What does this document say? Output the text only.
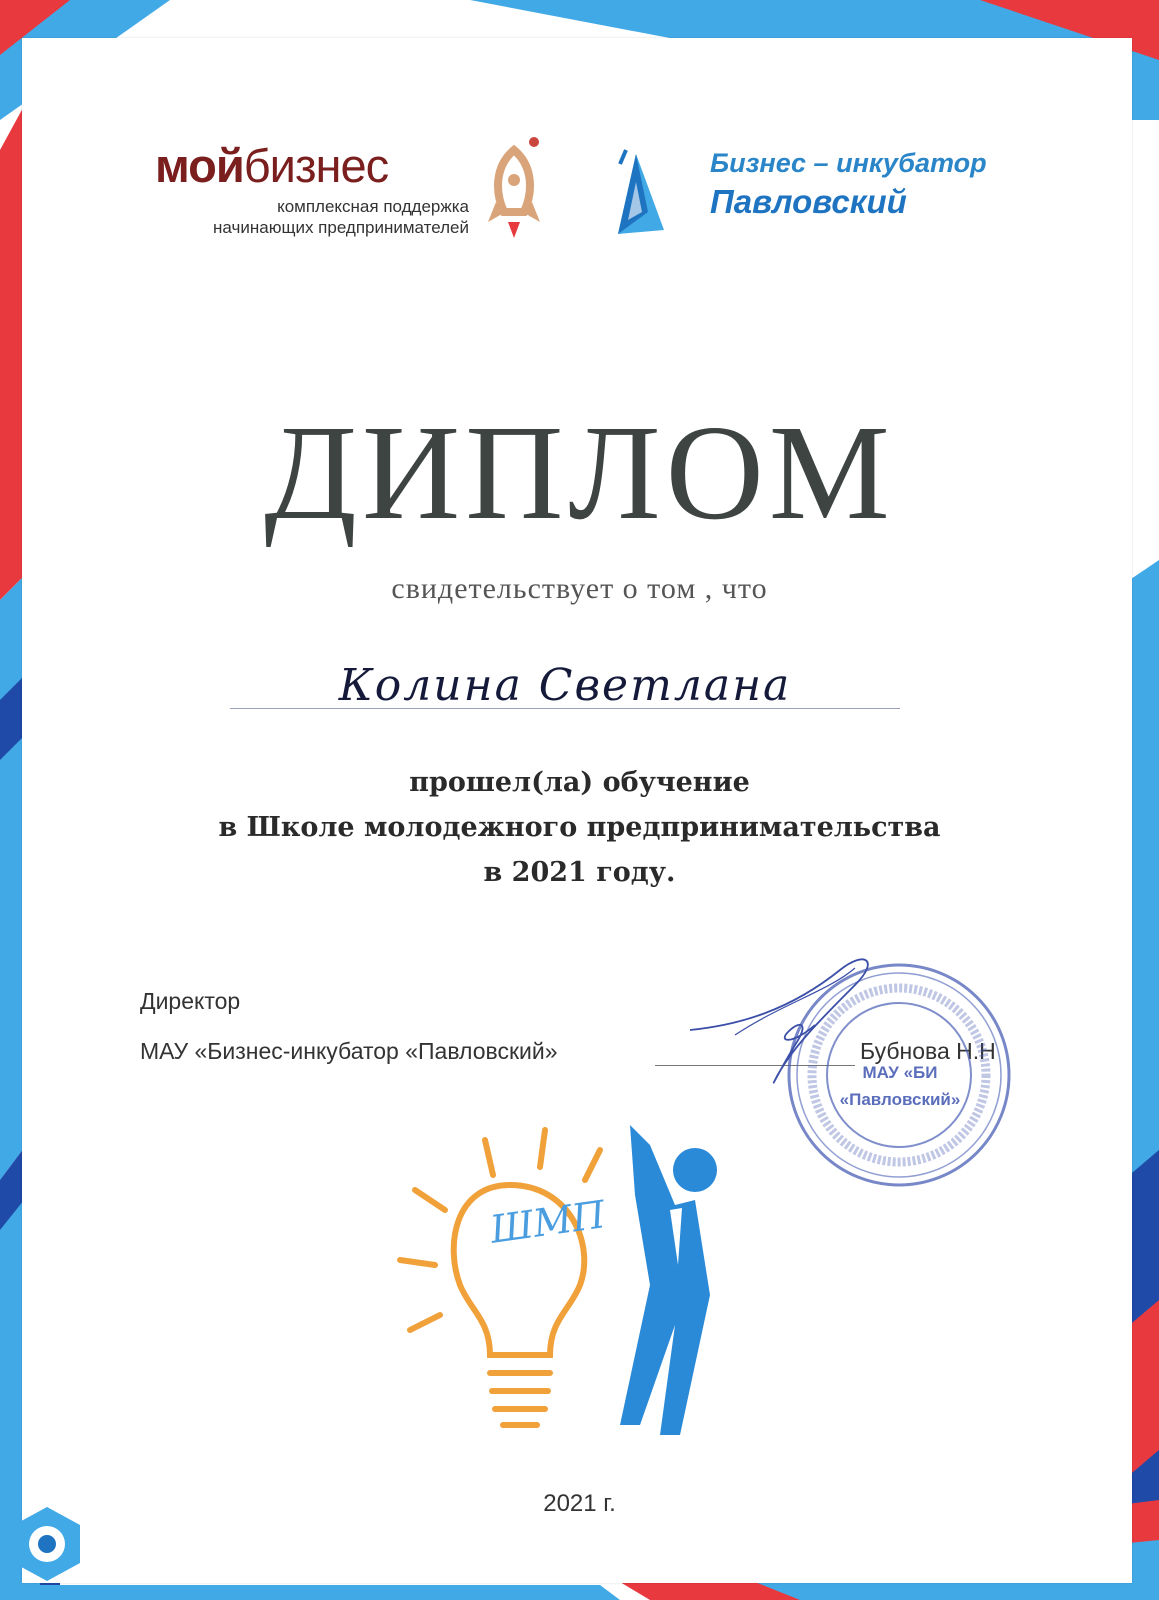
мойбизнес
комплексная поддержка
начинающих предпринимателей
Бизнес – инкубатор
Павловский
ДИПЛОМ
свидетельствует о том , что
Колина Светлана
прошел(ла) обучение
в Школе молодежного предпринимательства
в 2021 году.
Директор
МАУ «Бизнес-инкубатор «Павловский»	Бубнова Н.Н
МАУ «БИ
«Павловский»
ШМП
2021 г.
